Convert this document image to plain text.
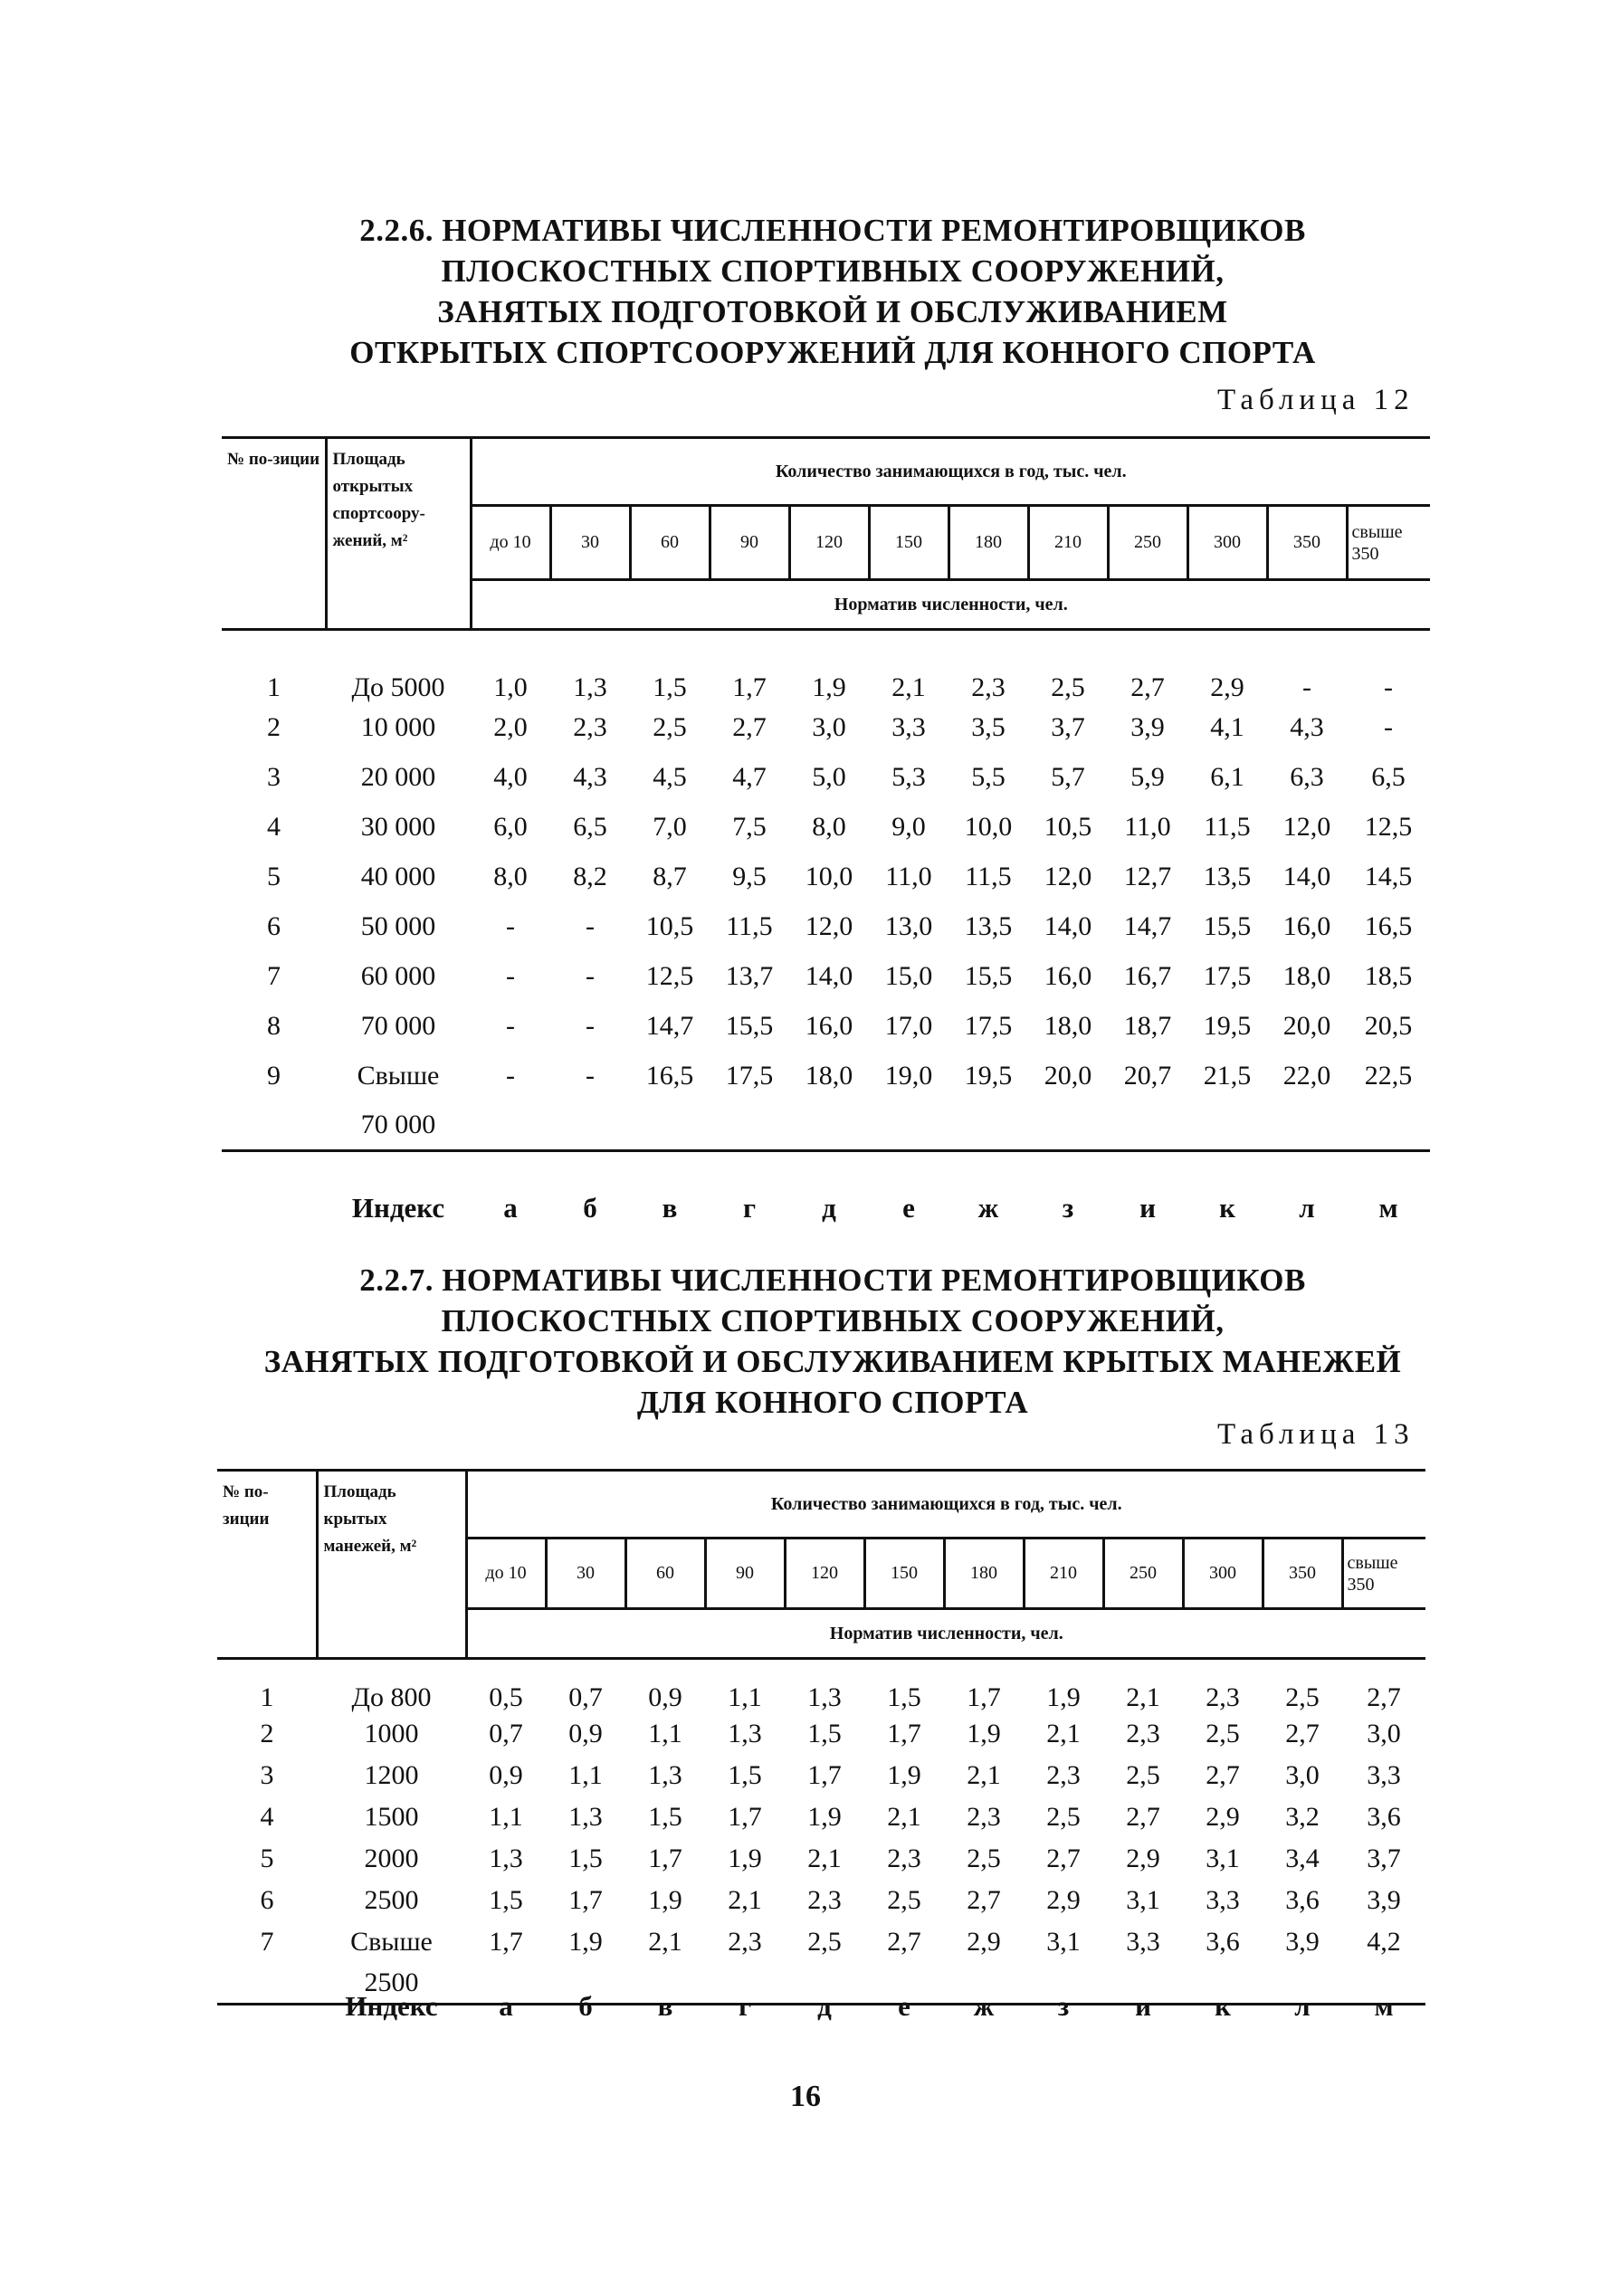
2.2.6. НОРМАТИВЫ ЧИСЛЕННОСТИ РЕМОНТИРОВЩИКОВ
ПЛОСКОСТНЫХ СПОРТИВНЫХ СООРУЖЕНИЙ,
ЗАНЯТЫХ ПОДГОТОВКОЙ И ОБСЛУЖИВАНИЕМ
ОТКРЫТЫХ СПОРТСООРУЖЕНИЙ ДЛЯ КОННОГО СПОРТА
Таблица 12
№ по-зиции	Площадь открытых спортсоору-жений, м²	Количество занимающихся в год, тыс. чел.											
		до 10	30	60	90	120	150	180	210	250	300	350	свыше 350
		Норматив численности, чел.											
1	До 5000	1,0	1,3	1,5	1,7	1,9	2,1	2,3	2,5	2,7	2,9	-	-
2	10 000	2,0	2,3	2,5	2,7	3,0	3,3	3,5	3,7	3,9	4,1	4,3	-
3	20 000	4,0	4,3	4,5	4,7	5,0	5,3	5,5	5,7	5,9	6,1	6,3	6,5
4	30 000	6,0	6,5	7,0	7,5	8,0	9,0	10,0	10,5	11,0	11,5	12,0	12,5
5	40 000	8,0	8,2	8,7	9,5	10,0	11,0	11,5	12,0	12,7	13,5	14,0	14,5
6	50 000	-	-	10,5	11,5	12,0	13,0	13,5	14,0	14,7	15,5	16,0	16,5
7	60 000	-	-	12,5	13,7	14,0	15,0	15,5	16,0	16,7	17,5	18,0	18,5
8	70 000	-	-	14,7	15,5	16,0	17,0	17,5	18,0	18,7	19,5	20,0	20,5
9	Свыше	-	-	16,5	17,5	18,0	19,0	19,5	20,0	20,7	21,5	22,0	22,5
	70 000												
	Индекс	а	б	в	г	д	е	ж	з	и	к	л	м
2.2.7. НОРМАТИВЫ ЧИСЛЕННОСТИ РЕМОНТИРОВЩИКОВ
ПЛОСКОСТНЫХ СПОРТИВНЫХ СООРУЖЕНИЙ,
ЗАНЯТЫХ ПОДГОТОВКОЙ И ОБСЛУЖИВАНИЕМ КРЫТЫХ МАНЕЖЕЙ
ДЛЯ КОННОГО СПОРТА
Таблица 13
№ по-зиции	Площадь крытых манежей, м²	Количество занимающихся в год, тыс. чел.											
		до 10	30	60	90	120	150	180	210	250	300	350	свыше 350
		Норматив численности, чел.											
1	До 800	0,5	0,7	0,9	1,1	1,3	1,5	1,7	1,9	2,1	2,3	2,5	2,7
2	1000	0,7	0,9	1,1	1,3	1,5	1,7	1,9	2,1	2,3	2,5	2,7	3,0
3	1200	0,9	1,1	1,3	1,5	1,7	1,9	2,1	2,3	2,5	2,7	3,0	3,3
4	1500	1,1	1,3	1,5	1,7	1,9	2,1	2,3	2,5	2,7	2,9	3,2	3,6
5	2000	1,3	1,5	1,7	1,9	2,1	2,3	2,5	2,7	2,9	3,1	3,4	3,7
6	2500	1,5	1,7	1,9	2,1	2,3	2,5	2,7	2,9	3,1	3,3	3,6	3,9
7	Свыше	1,7	1,9	2,1	2,3	2,5	2,7	2,9	3,1	3,3	3,6	3,9	4,2
	2500												
	Индекс	а	б	в	г	д	е	ж	з	и	к	л	м
16
